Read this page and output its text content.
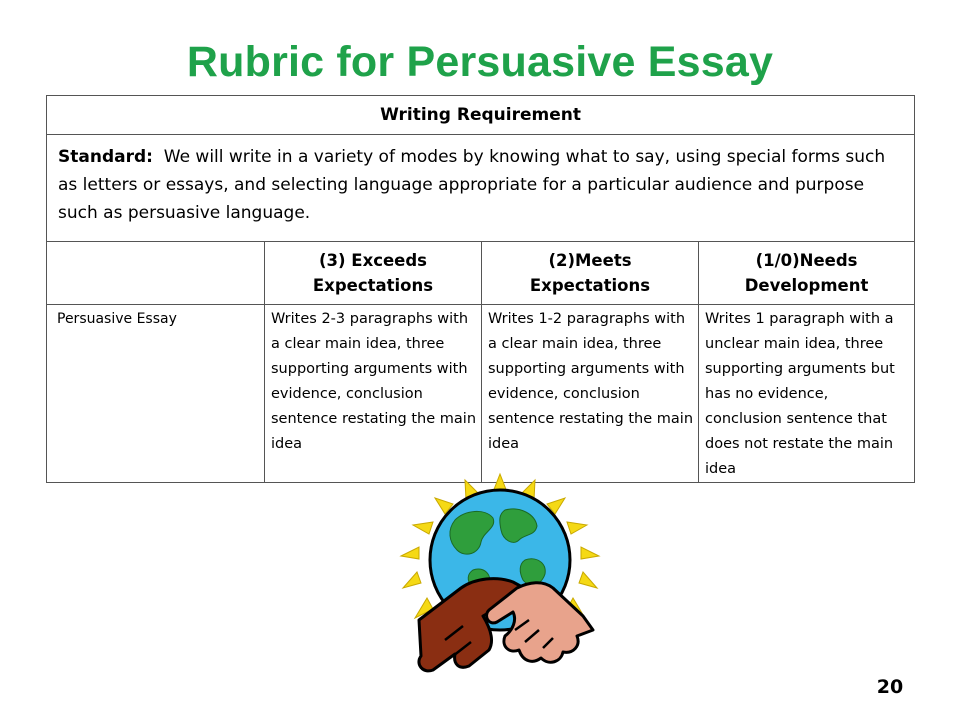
Rubric for Persuasive Essay
Writing Requirement			
Standard: We will write in a variety of modes by knowing what to say, using special forms such as letters or essays, and selecting language appropriate for a particular audience and purpose such as persuasive language.			
	(3) Exceeds Expectations	(2)Meets Expectations	(1/0)Needs Development
Persuasive Essay	Writes 2-3 paragraphs with a clear main idea, three supporting arguments with evidence, conclusion sentence restating the main idea	Writes 1-2 paragraphs with a clear main idea, three supporting arguments with evidence, conclusion sentence restating the main idea	Writes 1 paragraph with a unclear main idea, three supporting arguments but has no evidence, conclusion sentence that does not restate the main idea
20
